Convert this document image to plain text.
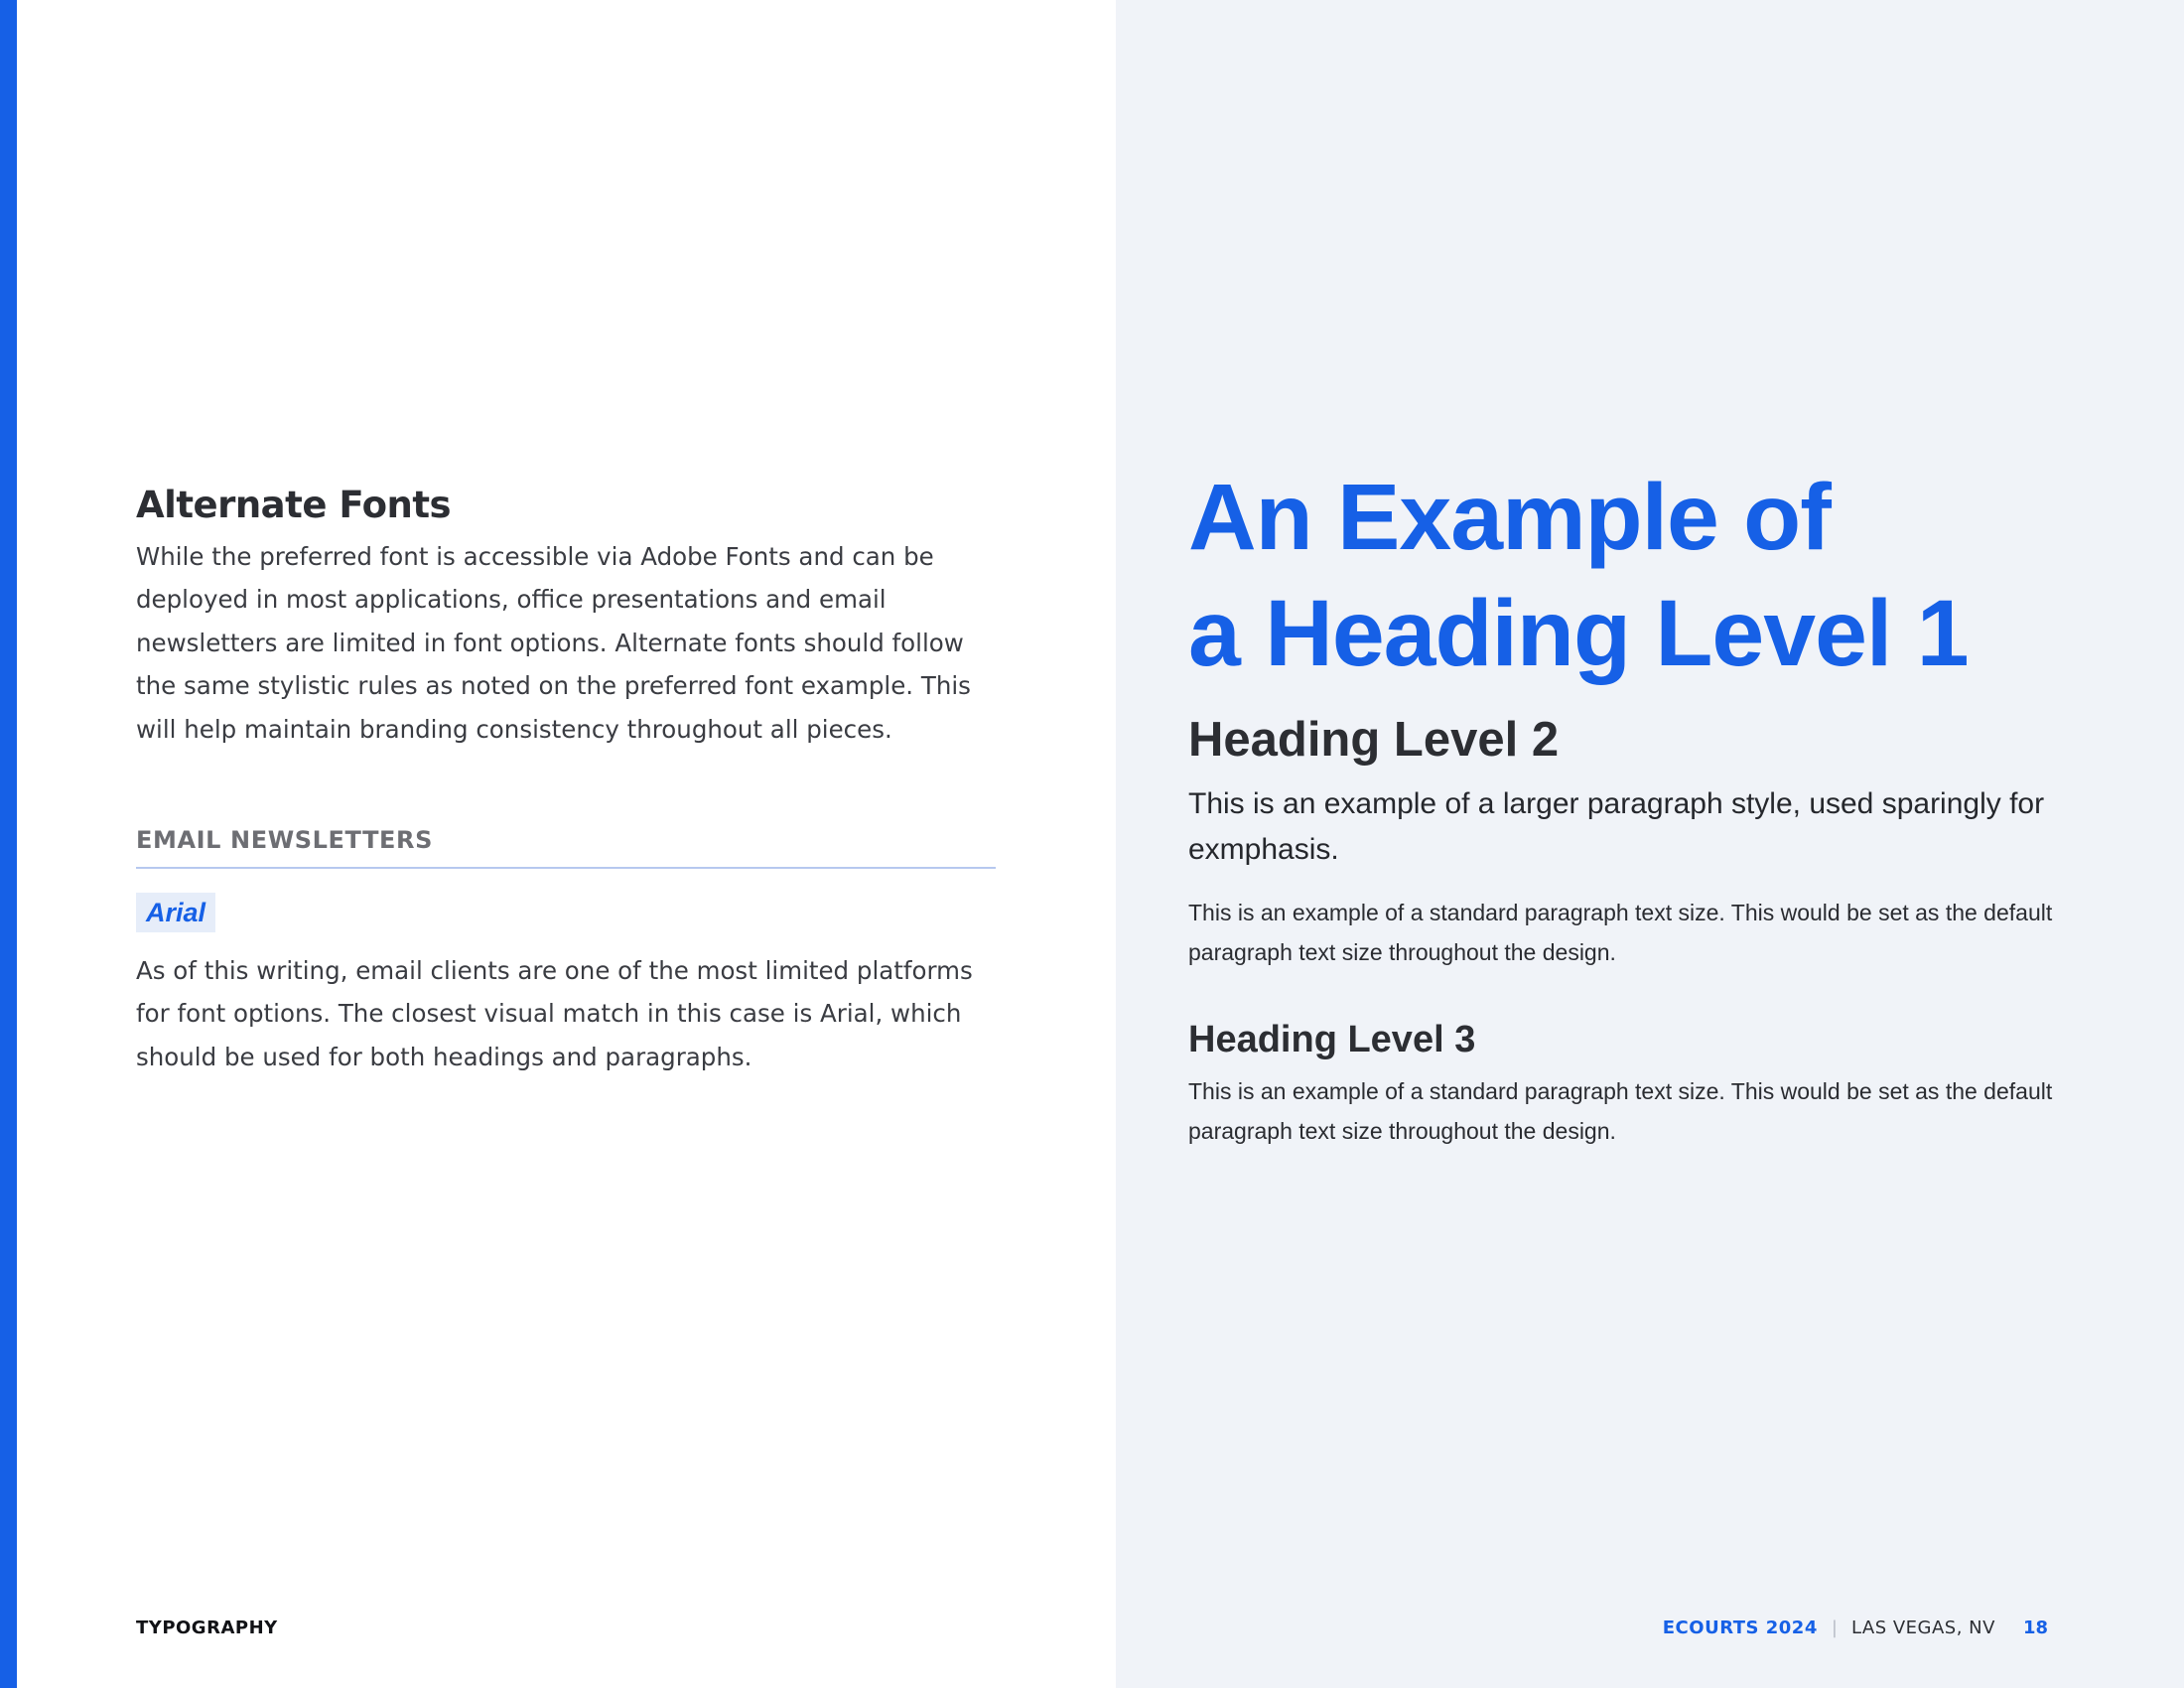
Alternate Fonts

While the preferred font is accessible via Adobe Fonts and can be deployed in most applications, office presentations and email newsletters are limited in font options. Alternate fonts should follow the same stylistic rules as noted on the preferred font example. This will help maintain branding consistency throughout all pieces.

EMAIL NEWSLETTERS
Arial

As of this writing, email clients are one of the most limited platforms for font options. The closest visual match in this case is Arial, which should be used for both headings and paragraphs.

An Example of
a Heading Level 1
Heading Level 2

This is an example of a larger paragraph style, used sparingly for exmphasis.

This is an example of a standard paragraph text size. This would be set as the default paragraph text size throughout the design.

Heading Level 3

This is an example of a standard paragraph text size. This would be set as the default paragraph text size throughout the design.

TYPOGRAPHY	ECOURTS 2024 | LAS VEGAS, NV 18
